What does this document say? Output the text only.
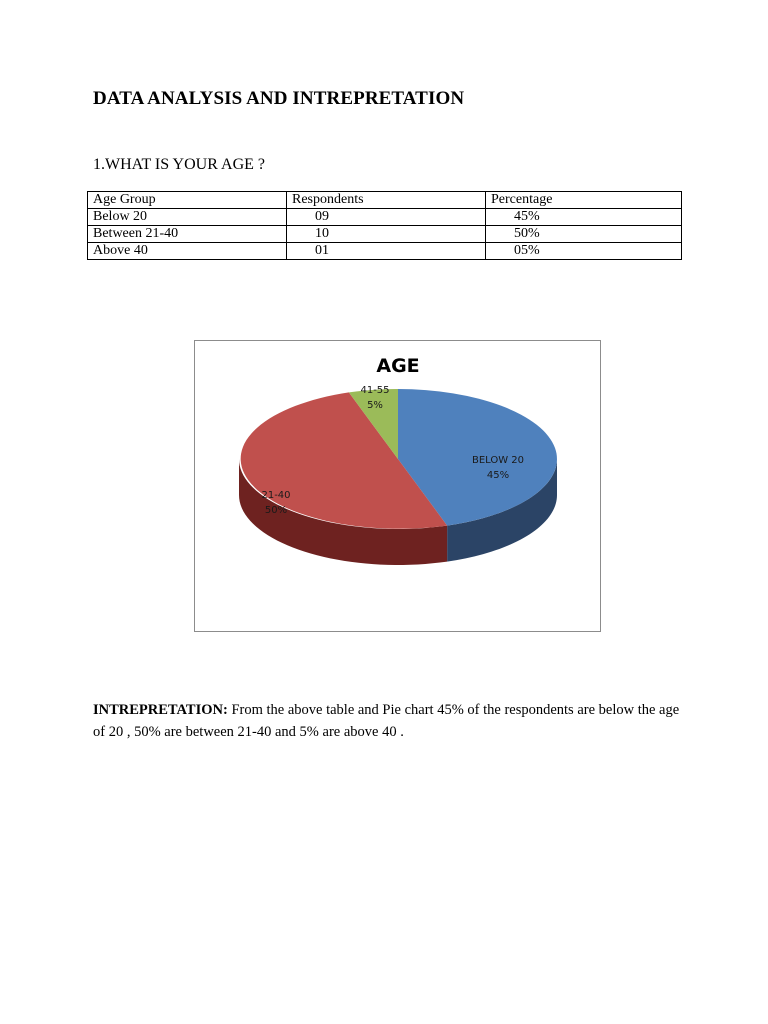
DATA ANALYSIS AND INTREPRETATION

1.WHAT IS YOUR AGE ?

Age Group	Respondents	Percentage
Below 20	09	45%
Between 21-40	10	50%
Above 40	01	05%
AGE
BELOW 20
45%
21-40
50%
41-55
5%

INTREPRETATION: From the above table and Pie chart 45% of the respondents are below the age of 20 , 50% are between 21-40 and 5% are above 40 .
